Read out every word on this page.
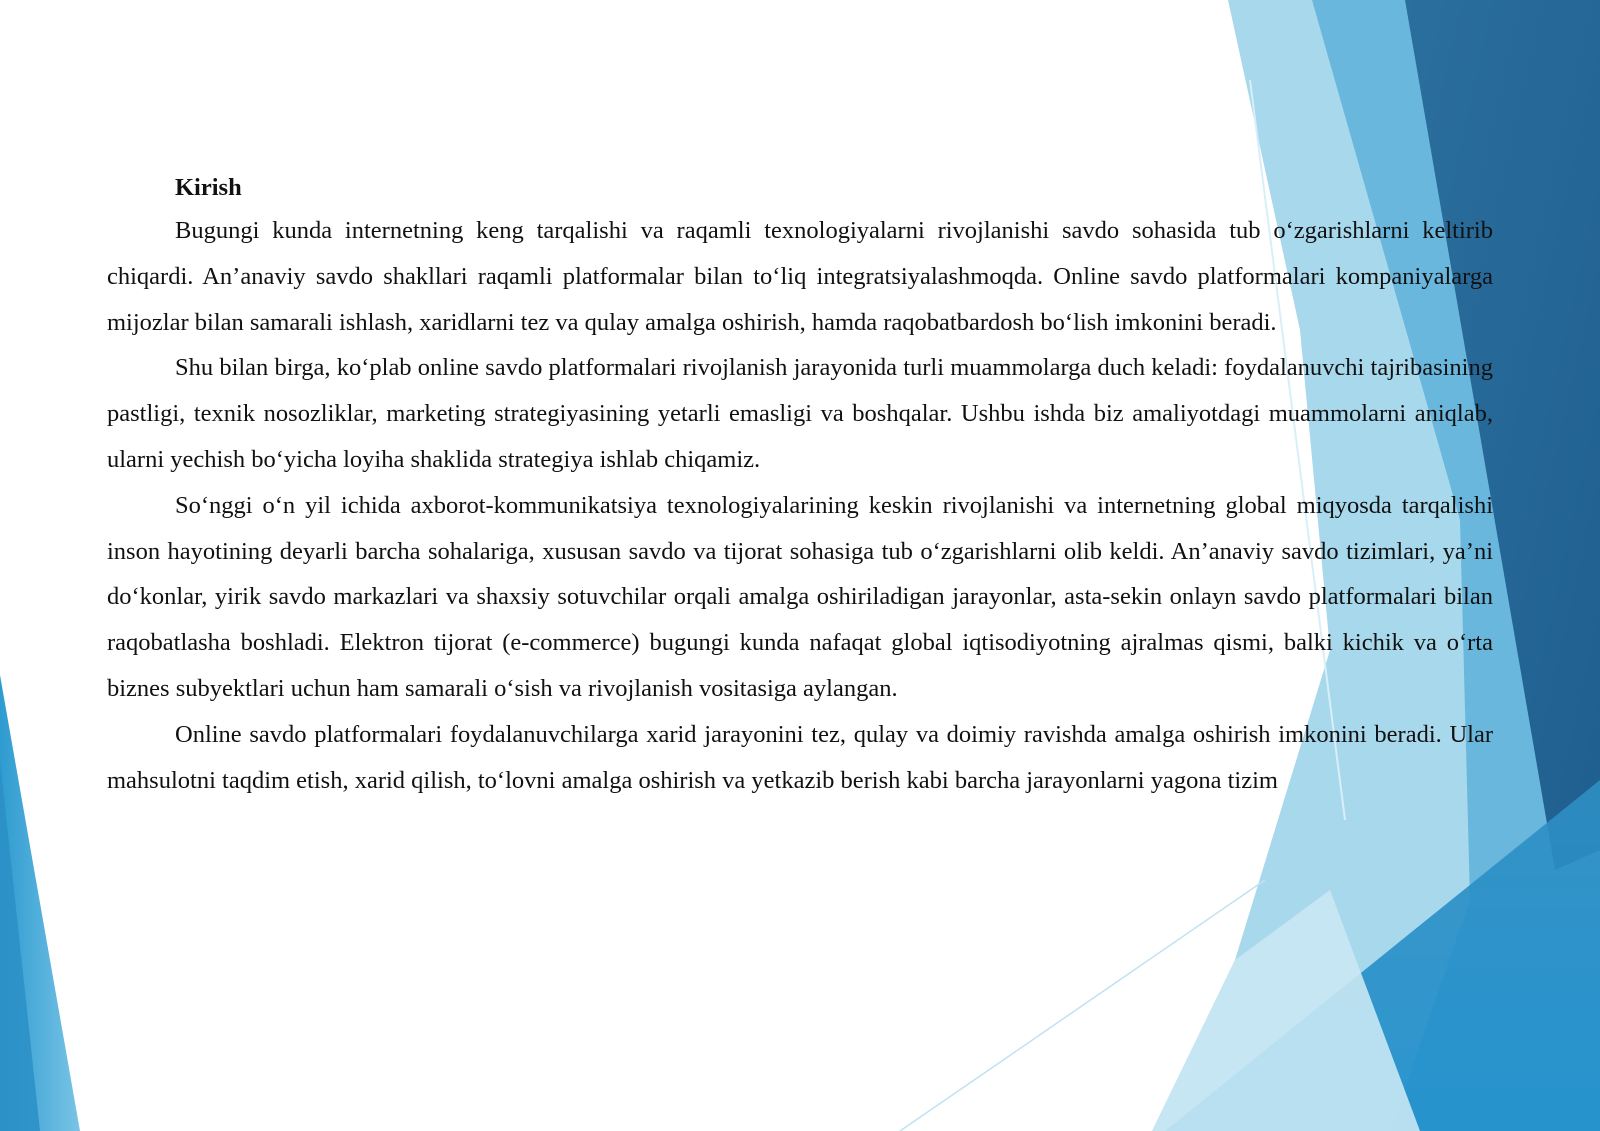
Kirish

Bugungi kunda internetning keng tarqalishi va raqamli texnologiyalarni rivojlanishi savdo sohasida tub o‘zgarishlarni keltirib chiqardi. An’anaviy savdo shakllari raqamli platformalar bilan to‘liq integratsiyalashmoqda. Online savdo platformalari kompaniyalarga mijozlar bilan samarali ishlash, xaridlarni tez va qulay amalga oshirish, hamda raqobatbardosh bo‘lish imkonini beradi.

Shu bilan birga, ko‘plab online savdo platformalari rivojlanish jarayonida turli muammolarga duch keladi: foydalanuvchi tajribasining pastligi, texnik nosozliklar, marketing strategiyasining yetarli emasligi va boshqalar. Ushbu ishda biz amaliyotdagi muammolarni aniqlab, ularni yechish bo‘yicha loyiha shaklida strategiya ishlab chiqamiz.

So‘nggi o‘n yil ichida axborot-kommunikatsiya texnologiyalarining keskin rivojlanishi va internetning global miqyosda tarqalishi inson hayotining deyarli barcha sohalariga, xususan savdo va tijorat sohasiga tub o‘zgarishlarni olib keldi. An’anaviy savdo tizimlari, ya’ni do‘konlar, yirik savdo markazlari va shaxsiy sotuvchilar orqali amalga oshiriladigan jarayonlar, asta-sekin onlayn savdo platformalari bilan raqobatlasha boshladi. Elektron tijorat (e-commerce) bugungi kunda nafaqat global iqtisodiyotning ajralmas qismi, balki kichik va o‘rta biznes subyektlari uchun ham samarali o‘sish va rivojlanish vositasiga aylangan.

Online savdo platformalari foydalanuvchilarga xarid jarayonini tez, qulay va doimiy ravishda amalga oshirish imkonini beradi. Ular mahsulotni taqdim etish, xarid qilish, to‘lovni amalga oshirish va yetkazib berish kabi barcha jarayonlarni yagona tizim
